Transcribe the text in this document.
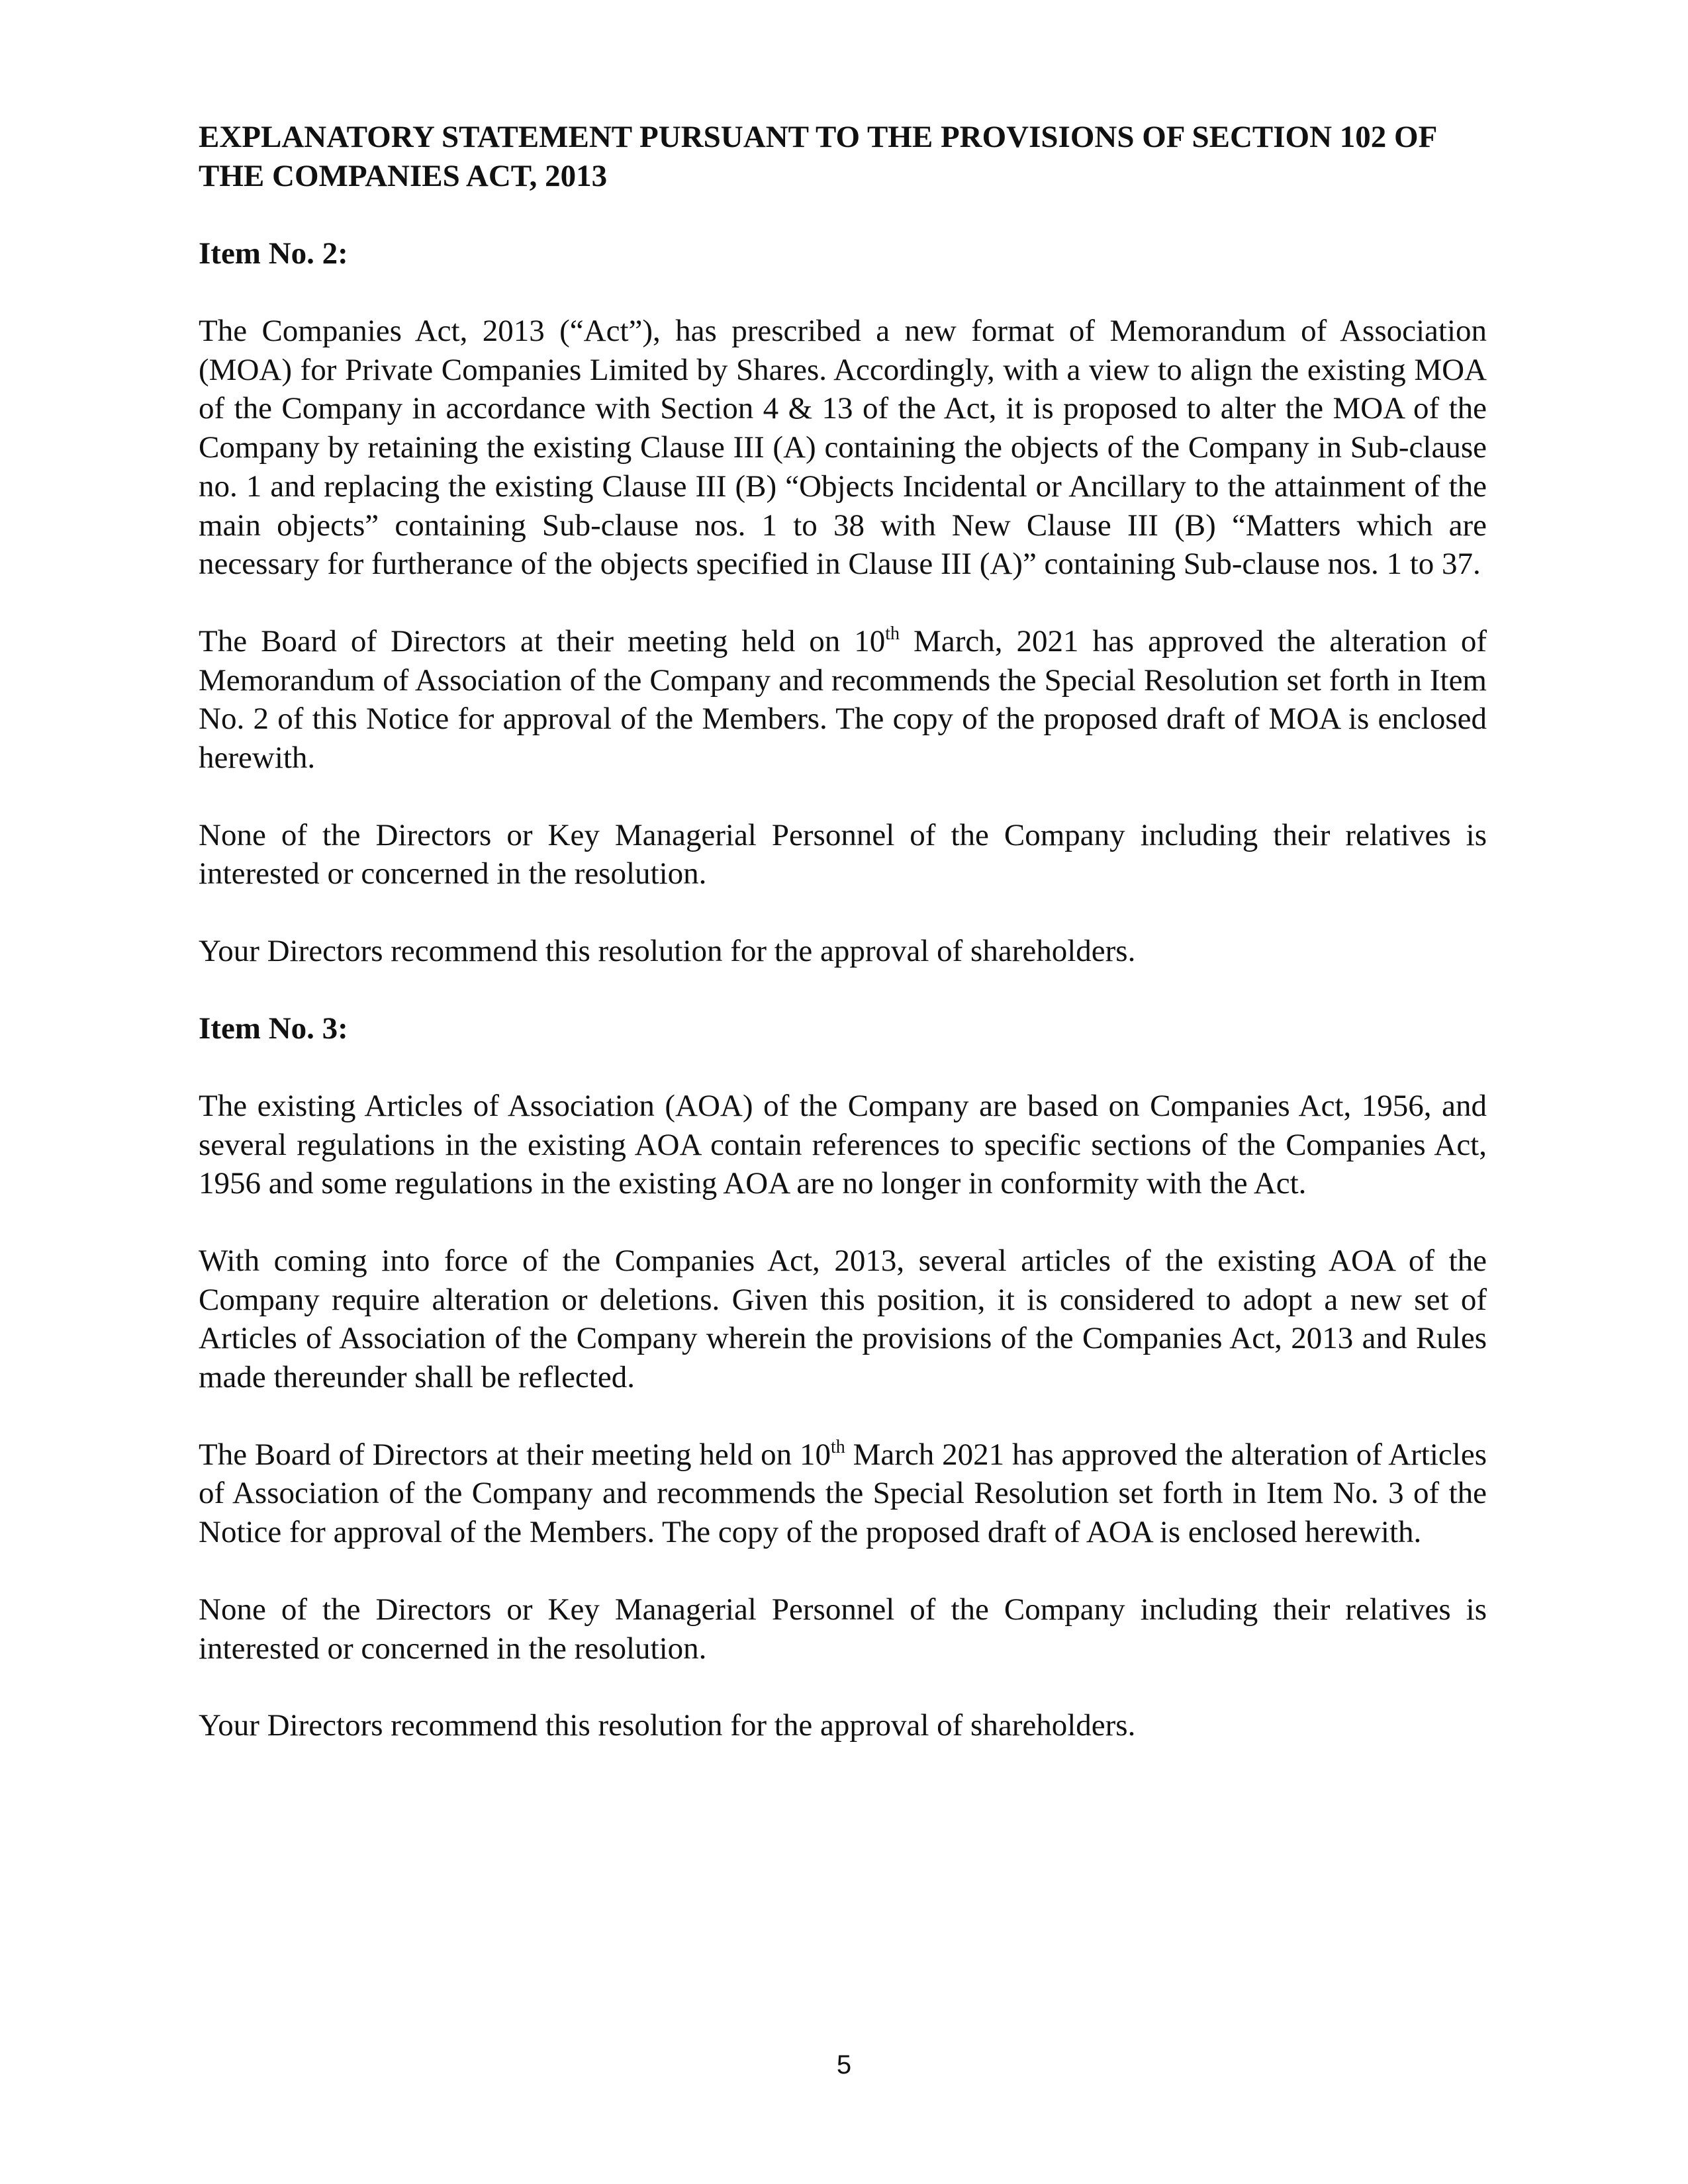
EXPLANATORY STATEMENT PURSUANT TO THE PROVISIONS OF SECTION 102 OF THE COMPANIES ACT, 2013
Item No. 2:

The Companies Act, 2013 (“Act”), has prescribed a new format of Memorandum of Association (MOA) for Private Companies Limited by Shares. Accordingly, with a view to align the existing MOA of the Company in accordance with Section 4 & 13 of the Act, it is proposed to alter the MOA of the Company by retaining the existing Clause III (A) containing the objects of the Company in Sub-clause no. 1 and replacing the existing Clause III (B) “Objects Incidental or Ancillary to the attainment of the main objects” containing Sub-clause nos. 1 to 38 with New Clause III (B) “Matters which are necessary for furtherance of the objects specified in Clause III (A)” containing Sub-clause nos. 1 to 37.

The Board of Directors at their meeting held on 10th March, 2021 has approved the alteration of Memorandum of Association of the Company and recommends the Special Resolution set forth in Item No. 2 of this Notice for approval of the Members. The copy of the proposed draft of MOA is enclosed herewith.

None of the Directors or Key Managerial Personnel of the Company including their relatives is interested or concerned in the resolution.

Your Directors recommend this resolution for the approval of shareholders.

Item No. 3:

The existing Articles of Association (AOA) of the Company are based on Companies Act, 1956, and several regulations in the existing AOA contain references to specific sections of the Companies Act, 1956 and some regulations in the existing AOA are no longer in conformity with the Act.

With coming into force of the Companies Act, 2013, several articles of the existing AOA of the Company require alteration or deletions. Given this position, it is considered to adopt a new set of Articles of Association of the Company wherein the provisions of the Companies Act, 2013 and Rules made thereunder shall be reflected.

The Board of Directors at their meeting held on 10th March 2021 has approved the alteration of Articles of Association of the Company and recommends the Special Resolution set forth in Item No. 3 of the Notice for approval of the Members. The copy of the proposed draft of AOA is enclosed herewith.

None of the Directors or Key Managerial Personnel of the Company including their relatives is interested or concerned in the resolution.

Your Directors recommend this resolution for the approval of shareholders.

5
